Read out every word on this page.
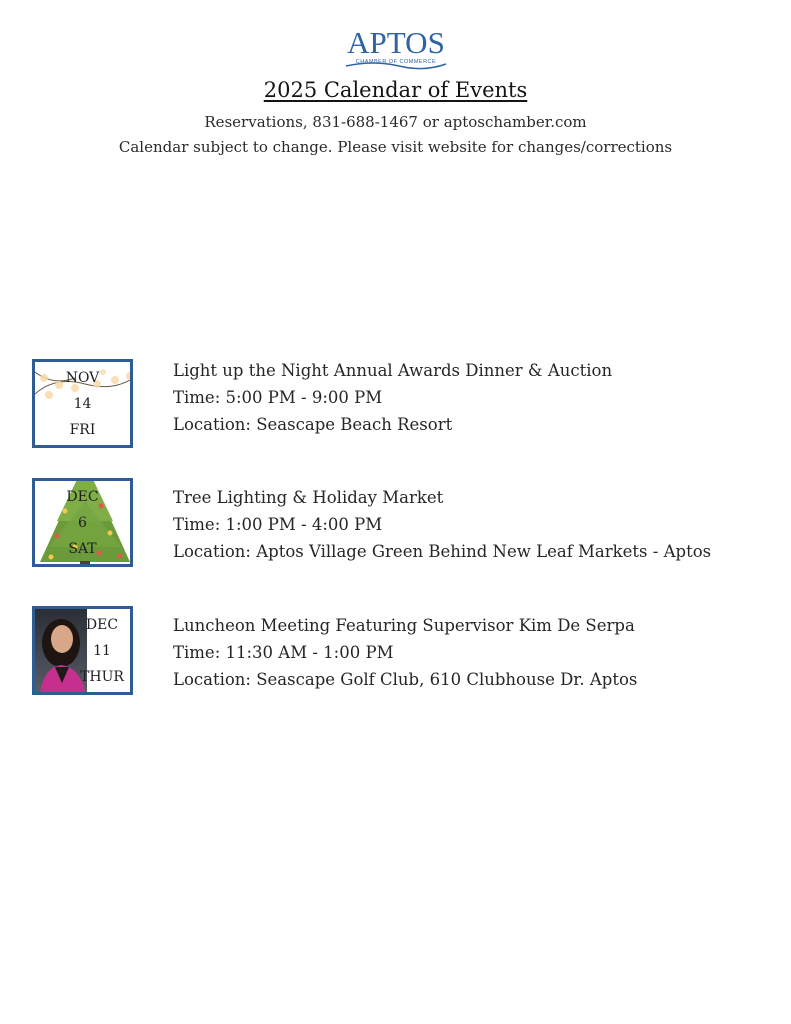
APTOS
CHAMBER OF COMMERCE
2025 Calendar of Events
Reservations, 831-688-1467 or aptoschamber.com
Calendar subject to change. Please visit website for changes/corrections
NOV
14
FRI
Light up the Night Annual Awards Dinner & Auction
Time: 5:00 PM - 9:00 PM
Location: Seascape Beach Resort
DEC
6
SAT
Tree Lighting & Holiday Market
Time: 1:00 PM - 4:00 PM
Location: Aptos Village Green Behind New Leaf Markets - Aptos
DEC
11
THUR
Luncheon Meeting Featuring Supervisor Kim De Serpa
Time: 11:30 AM - 1:00 PM
Location: Seascape Golf Club, 610 Clubhouse Dr. Aptos
